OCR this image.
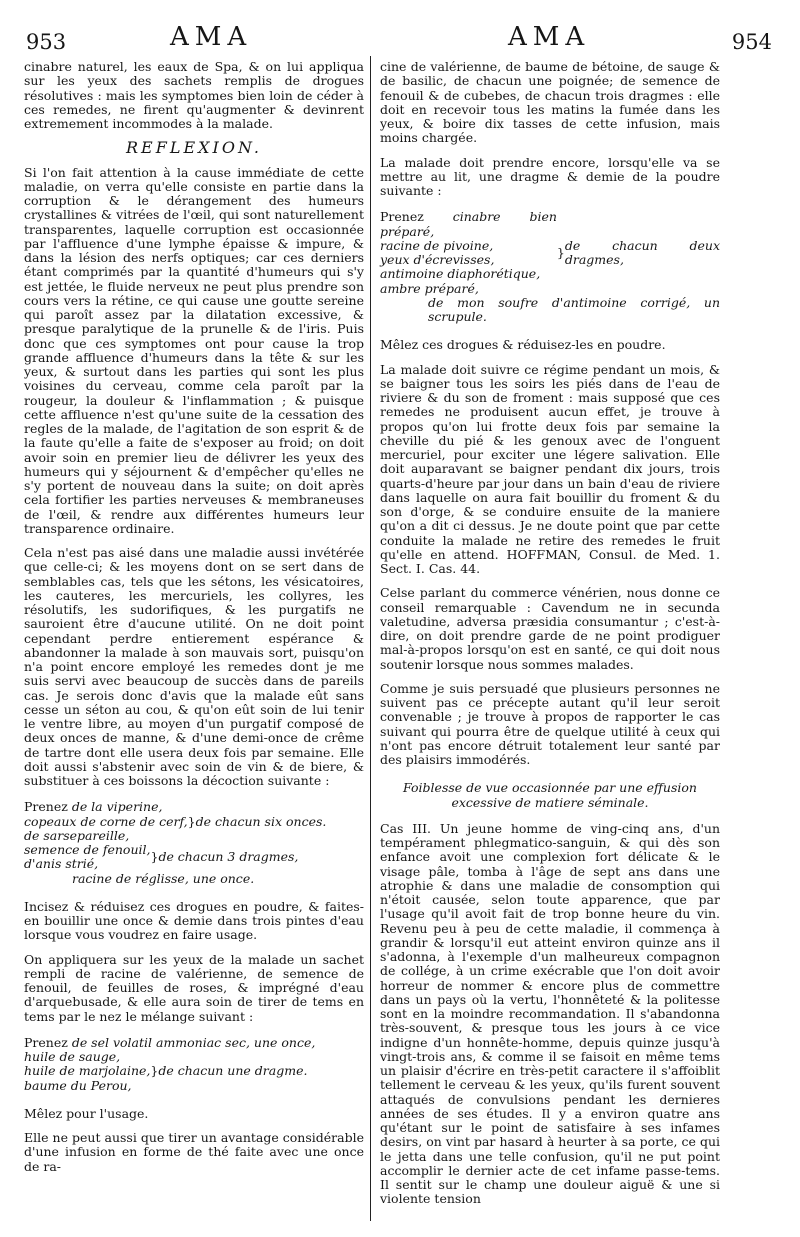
953	AMA	AMA	954

cinabre naturel, les eaux de Spa, & on lui appliqua sur les yeux des sachets remplis de drogues résolutives : mais les symptomes bien loin de céder à ces remedes, ne firent qu'augmenter & devinrent extremement incommodes à la malade.

REFLEXION.

Si l'on fait attention à la cause immédiate de cette maladie, on verra qu'elle consiste en partie dans la corruption & le dérangement des humeurs crystallines & vitrées de l'œil, qui sont naturellement transparentes, laquelle corruption est occasionnée par l'affluence d'une lymphe épaisse & impure, & dans la lésion des nerfs optiques; car ces derniers étant comprimés par la quantité d'humeurs qui s'y est jettée, le fluide nerveux ne peut plus prendre son cours vers la rétine, ce qui cause une goutte sereine qui paroît assez par la dilatation excessive, & presque paralytique de la prunelle & de l'iris. Puis donc que ces symptomes ont pour cause la trop grande affluence d'humeurs dans la tête & sur les yeux, & surtout dans les parties qui sont les plus voisines du cerveau, comme cela paroît par la rougeur, la douleur & l'inflammation ; & puisque cette affluence n'est qu'une suite de la cessation des regles de la malade, de l'agitation de son esprit & de la faute qu'elle a faite de s'exposer au froid; on doit avoir soin en premier lieu de délivrer les yeux des humeurs qui y séjournent & d'empêcher qu'elles ne s'y portent de nouveau dans la suite; on doit après cela fortifier les parties nerveuses & membraneuses de l'œil, & rendre aux différentes humeurs leur transparence ordinaire.

Cela n'est pas aisé dans une maladie aussi invétérée que celle-ci; & les moyens dont on se sert dans de semblables cas, tels que les sétons, les vésicatoires, les cauteres, les mercuriels, les collyres, les résolutifs, les sudorifiques, & les purgatifs ne sauroient être d'aucune utilité. On ne doit point cependant perdre entierement espérance & abandonner la malade à son mauvais sort, puisqu'on n'a point encore employé les remedes dont je me suis servi avec beaucoup de succès dans de pareils cas. Je serois donc d'avis que la malade eût sans cesse un séton au cou, & qu'on eût soin de lui tenir le ventre libre, au moyen d'un purgatif composé de deux onces de manne, & d'une demi-once de crême de tartre dont elle usera deux fois par semaine. Elle doit aussi s'abstenir avec soin de vin & de biere, & substituer à ces boissons la décoction suivante :

Prenez de la viperine,
copeaux de corne de cerf,
de sarsepareille,
} de chacun six onces.
semence de fenouil,
d'anis strié,	} de chacun 3 dragmes,
racine de réglisse, une once.

Incisez & réduisez ces drogues en poudre, & faites-en bouillir une once & demie dans trois pintes d'eau lorsque vous voudrez en faire usage.

On appliquera sur les yeux de la malade un sachet rempli de racine de valérienne, de semence de fenouil, de feuilles de roses, & imprégné d'eau d'arquebusade, & elle aura soin de tirer de tems en tems par le nez le mélange suivant :

Prenez de sel volatil ammoniac sec, une once,
huile de sauge,
huile de marjolaine,
baume du Perou,
} de chacun une dragme.

Mêlez pour l'usage.

Elle ne peut aussi que tirer un avantage considérable d'une infusion en forme de thé faite avec une once de ra-

cine de valérienne, de baume de bétoine, de sauge & de basilic, de chacun une poignée; de semence de fenouil & de cubebes, de chacun trois dragmes : elle doit en recevoir tous les matins la fumée dans les yeux, & boire dix tasses de cette infusion, mais moins chargée.

La malade doit prendre encore, lorsqu'elle va se mettre au lit, une dragme & demie de la poudre suivante :

Prenez cinabre bien préparé,
racine de pivoine,
yeux d'écrevisses,
antimoine diaphorétique,
ambre préparé,
} de chacun deux dragmes,
de mon soufre d'antimoine corrigé, un scrupule.

Mêlez ces drogues & réduisez-les en poudre.

La malade doit suivre ce régime pendant un mois, & se baigner tous les soirs les piés dans de l'eau de riviere & du son de froment : mais supposé que ces remedes ne produisent aucun effet, je trouve à propos qu'on lui frotte deux fois par semaine la cheville du pié & les genoux avec de l'onguent mercuriel, pour exciter une légere salivation. Elle doit auparavant se baigner pendant dix jours, trois quarts-d'heure par jour dans un bain d'eau de riviere dans laquelle on aura fait bouillir du froment & du son d'orge, & se conduire ensuite de la maniere qu'on a dit ci dessus. Je ne doute point que par cette conduite la malade ne retire des remedes le fruit qu'elle en attend. HOFFMAN, Consul. de Med. 1. Sect. I. Cas. 44.

Celse parlant du commerce vénérien, nous donne ce conseil remarquable : Cavendum ne in secunda valetudine, adversa præsidia consumantur ; c'est-à-dire, on doit prendre garde de ne point prodiguer mal-à-propos lorsqu'on est en santé, ce qui doit nous soutenir lorsque nous sommes malades.

Comme je suis persuadé que plusieurs personnes ne suivent pas ce précepte autant qu'il leur seroit convenable ; je trouve à propos de rapporter le cas suivant qui pourra être de quelque utilité à ceux qui n'ont pas encore détruit totalement leur santé par des plaisirs immodérés.

Foiblesse de vue occasionnée par une effusion excessive de matiere séminale.

Cas III. Un jeune homme de ving-cinq ans, d'un tempérament phlegmatico-sanguin, & qui dès son enfance avoit une complexion fort délicate & le visage pâle, tomba à l'âge de sept ans dans une atrophie & dans une maladie de consomption qui n'étoit causée, selon toute apparence, que par l'usage qu'il avoit fait de trop bonne heure du vin. Revenu peu à peu de cette maladie, il commença à grandir & lorsqu'il eut atteint environ quinze ans il s'adonna, à l'exemple d'un malheureux compagnon de collége, à un crime exécrable que l'on doit avoir horreur de nommer & encore plus de commettre dans un pays où la vertu, l'honnêteté & la politesse sont en la moindre recommandation. Il s'abandonna très-souvent, & presque tous les jours à ce vice indigne d'un honnête-homme, depuis quinze jusqu'à vingt-trois ans, & comme il se faisoit en même tems un plaisir d'écrire en très-petit caractere il s'affoiblit tellement le cerveau & les yeux, qu'ils furent souvent attaqués de convulsions pendant les dernieres années de ses études. Il y a environ quatre ans qu'étant sur le point de satisfaire à ses infames desirs, on vint par hasard à heurter à sa porte, ce qui le jetta dans une telle confusion, qu'il ne put point accomplir le dernier acte de cet infame passe-tems. Il sentit sur le champ une douleur aiguë & une si violente tension
